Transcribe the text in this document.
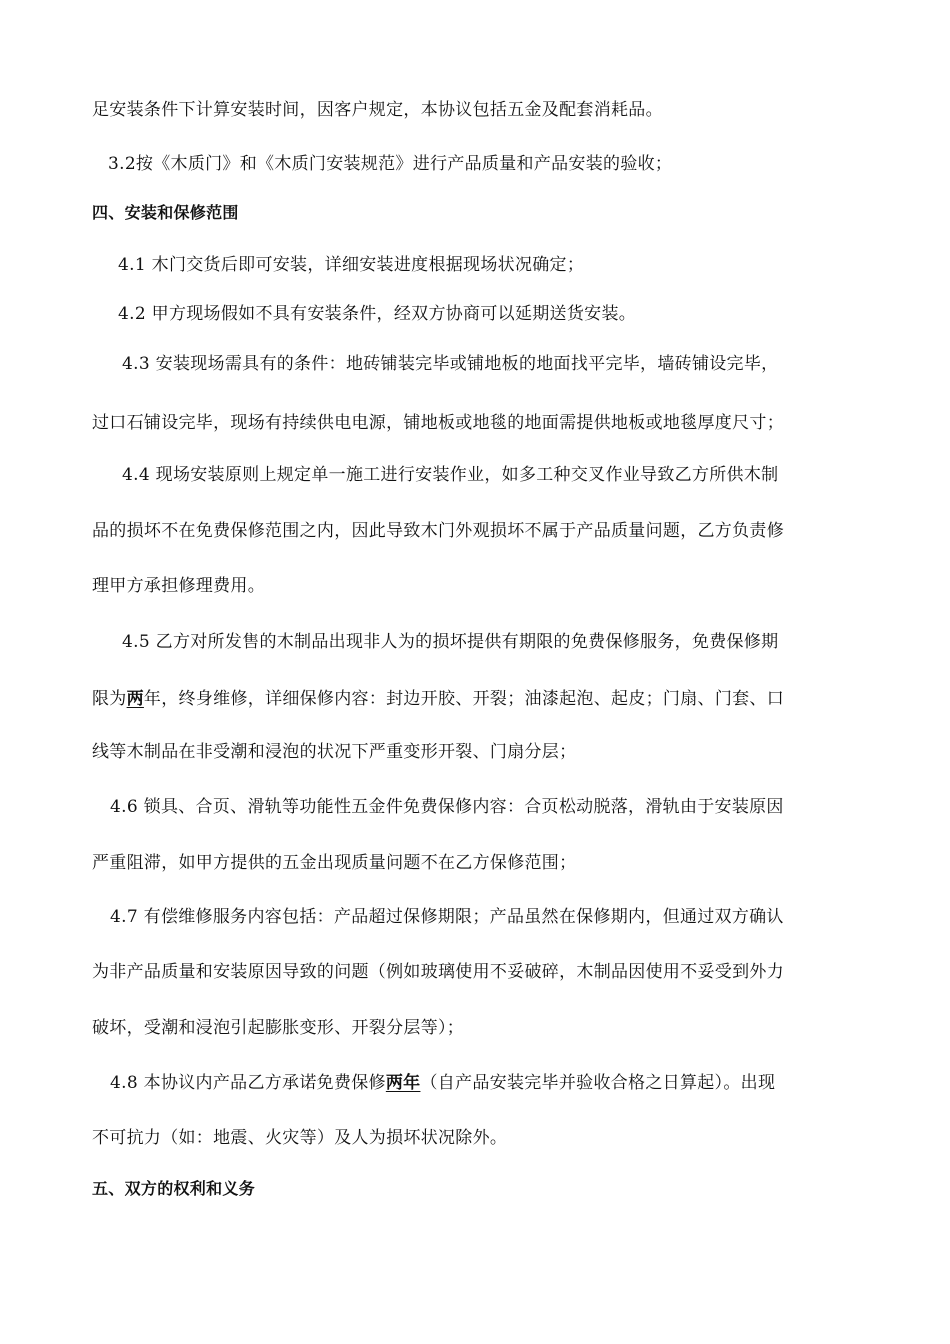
足安装条件下计算安装时间，因客户规定，本协议包括五金及配套消耗品。
3.2按《木质门》和《木质门安装规范》进行产品质量和产品安装的验收；
四、安装和保修范围
4.1 木门交货后即可安装，详细安装进度根据现场状况确定；
4.2 甲方现场假如不具有安装条件，经双方协商可以延期送货安装。
4.3 安装现场需具有的条件：地砖铺装完毕或铺地板的地面找平完毕，墙砖铺设完毕，
过口石铺设完毕，现场有持续供电电源，铺地板或地毯的地面需提供地板或地毯厚度尺寸；
4.4 现场安装原则上规定单一施工进行安装作业，如多工种交叉作业导致乙方所供木制
品的损坏不在免费保修范围之内，因此导致木门外观损坏不属于产品质量问题，乙方负责修
理甲方承担修理费用。
4.5 乙方对所发售的木制品出现非人为的损坏提供有期限的免费保修服务，免费保修期
限为两年，终身维修，详细保修内容：封边开胶、开裂；油漆起泡、起皮；门扇、门套、口
线等木制品在非受潮和浸泡的状况下严重变形开裂、门扇分层；
4.6 锁具、合页、滑轨等功能性五金件免费保修内容：合页松动脱落，滑轨由于安装原因
严重阻滞，如甲方提供的五金出现质量问题不在乙方保修范围；
4.7 有偿维修服务内容包括：产品超过保修期限；产品虽然在保修期内，但通过双方确认
为非产品质量和安装原因导致的问题（例如玻璃使用不妥破碎，木制品因使用不妥受到外力
破坏，受潮和浸泡引起膨胀变形、开裂分层等）；
4.8 本协议内产品乙方承诺免费保修两年（自产品安装完毕并验收合格之日算起）。出现
不可抗力（如：地震、火灾等）及人为损坏状况除外。
五、双方的权利和义务
